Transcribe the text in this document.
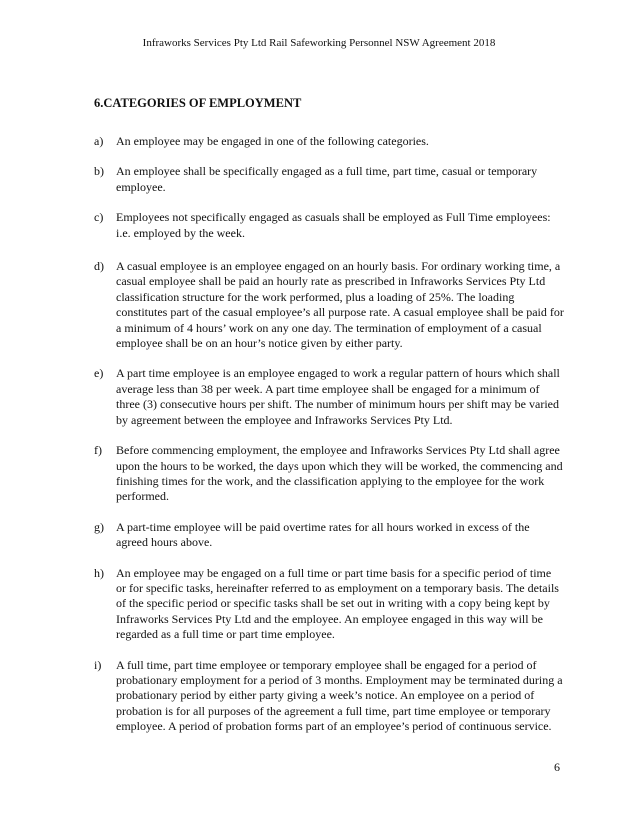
Infraworks Services Pty Ltd Rail Safeworking Personnel NSW Agreement 2018
6.CATEGORIES OF EMPLOYMENT
a)	An employee may be engaged in one of the following categories.
b)	An employee shall be specifically engaged as a full time, part time, casual or temporary employee.
c)	Employees not specifically engaged as casuals shall be employed as Full Time employees: i.e. employed by the week.
d)	A casual employee is an employee engaged on an hourly basis. For ordinary working time, a casual employee shall be paid an hourly rate as prescribed in Infraworks Services Pty Ltd classification structure for the work performed, plus a loading of 25%. The loading constitutes part of the casual employee’s all purpose rate. A casual employee shall be paid for a minimum of 4 hours’ work on any one day. The termination of employment of a casual employee shall be on an hour’s notice given by either party.
e)	A part time employee is an employee engaged to work a regular pattern of hours which shall average less than 38 per week. A part time employee shall be engaged for a minimum of three (3) consecutive hours per shift. The number of minimum hours per shift may be varied by agreement between the employee and Infraworks Services Pty Ltd.
f)	Before commencing employment, the employee and Infraworks Services Pty Ltd shall agree upon the hours to be worked, the days upon which they will be worked, the commencing and finishing times for the work, and the classification applying to the employee for the work performed.
g)	A part-time employee will be paid overtime rates for all hours worked in excess of the agreed hours above.
h)	An employee may be engaged on a full time or part time basis for a specific period of time or for specific tasks, hereinafter referred to as employment on a temporary basis. The details of the specific period or specific tasks shall be set out in writing with a copy being kept by Infraworks Services Pty Ltd and the employee. An employee engaged in this way will be regarded as a full time or part time employee.
i)	A full time, part time employee or temporary employee shall be engaged for a period of probationary employment for a period of 3 months. Employment may be terminated during a probationary period by either party giving a week’s notice. An employee on a period of probation is for all purposes of the agreement a full time, part time employee or temporary employee. A period of probation forms part of an employee’s period of continuous service.
6
